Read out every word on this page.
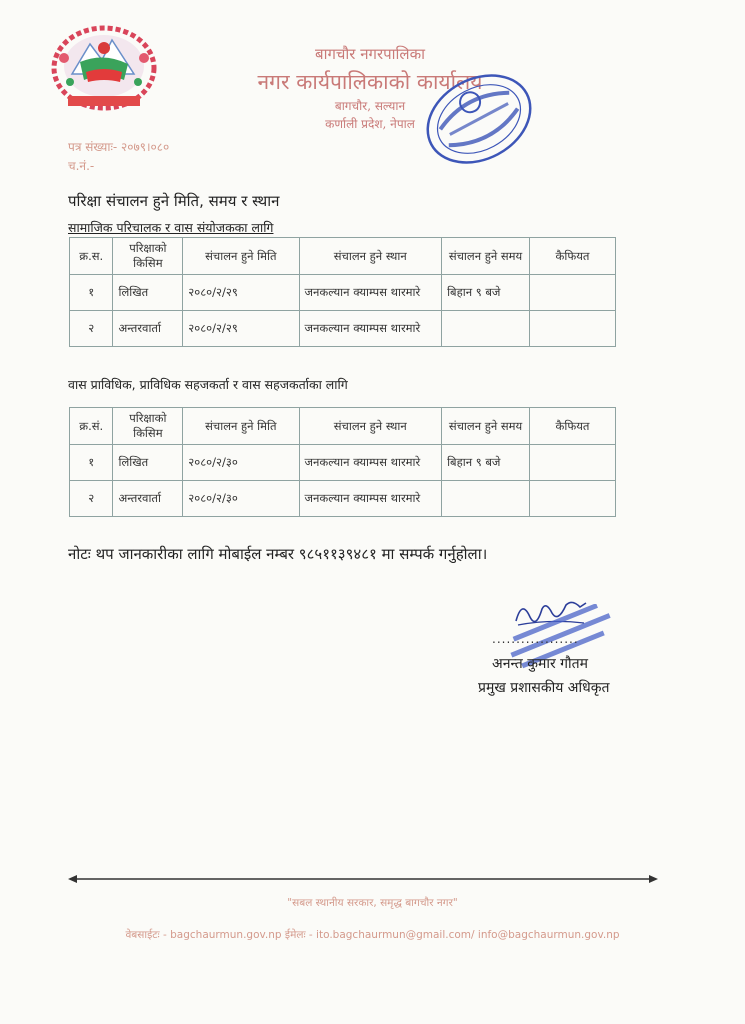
बागचौर नगरपालिका
नगर कार्यपालिकाको कार्यालय
बागचौर, सल्यान
कर्णाली प्रदेश, नेपाल
पत्र संख्याः- २०७९।०८०
च.नं.-
परिक्षा संचालन हुने मिति, समय र स्थान
सामाजिक परिचालक र वास संयोजकका लागि
क्र.स.	परिक्षाको किसिम	संचालन हुने मिति	संचालन हुने स्थान	संचालन हुने समय	कैफियत
१	लिखित	२०८०/२/२९	जनकल्यान क्याम्पस थारमारे	बिहान ९ बजे	
२	अन्तरवार्ता	२०८०/२/२९	जनकल्यान क्याम्पस थारमारे		
वास प्राविधिक, प्राविधिक सहजकर्ता र वास सहजकर्ताका लागि
क्र.सं.	परिक्षाको किसिम	संचालन हुने मिति	संचालन हुने स्थान	संचालन हुने समय	कैफियत
१	लिखित	२०८०/२/३०	जनकल्यान क्याम्पस थारमारे	बिहान ९ बजे	
२	अन्तरवार्ता	२०८०/२/३०	जनकल्यान क्याम्पस थारमारे		
नोटः थप जानकारीका लागि मोबाईल नम्बर ९८५११३९४८१ मा सम्पर्क गर्नुहोला।
..................
अनन्त कुमार गौतम
प्रमुख प्रशासकीय अधिकृत
"सबल स्थानीय सरकार, समृद्ध बागचौर नगर"
वेबसाईटः - bagchaurmun.gov.np ईमेलः - ito.bagchaurmun@gmail.com/ info@bagchaurmun.gov.np
